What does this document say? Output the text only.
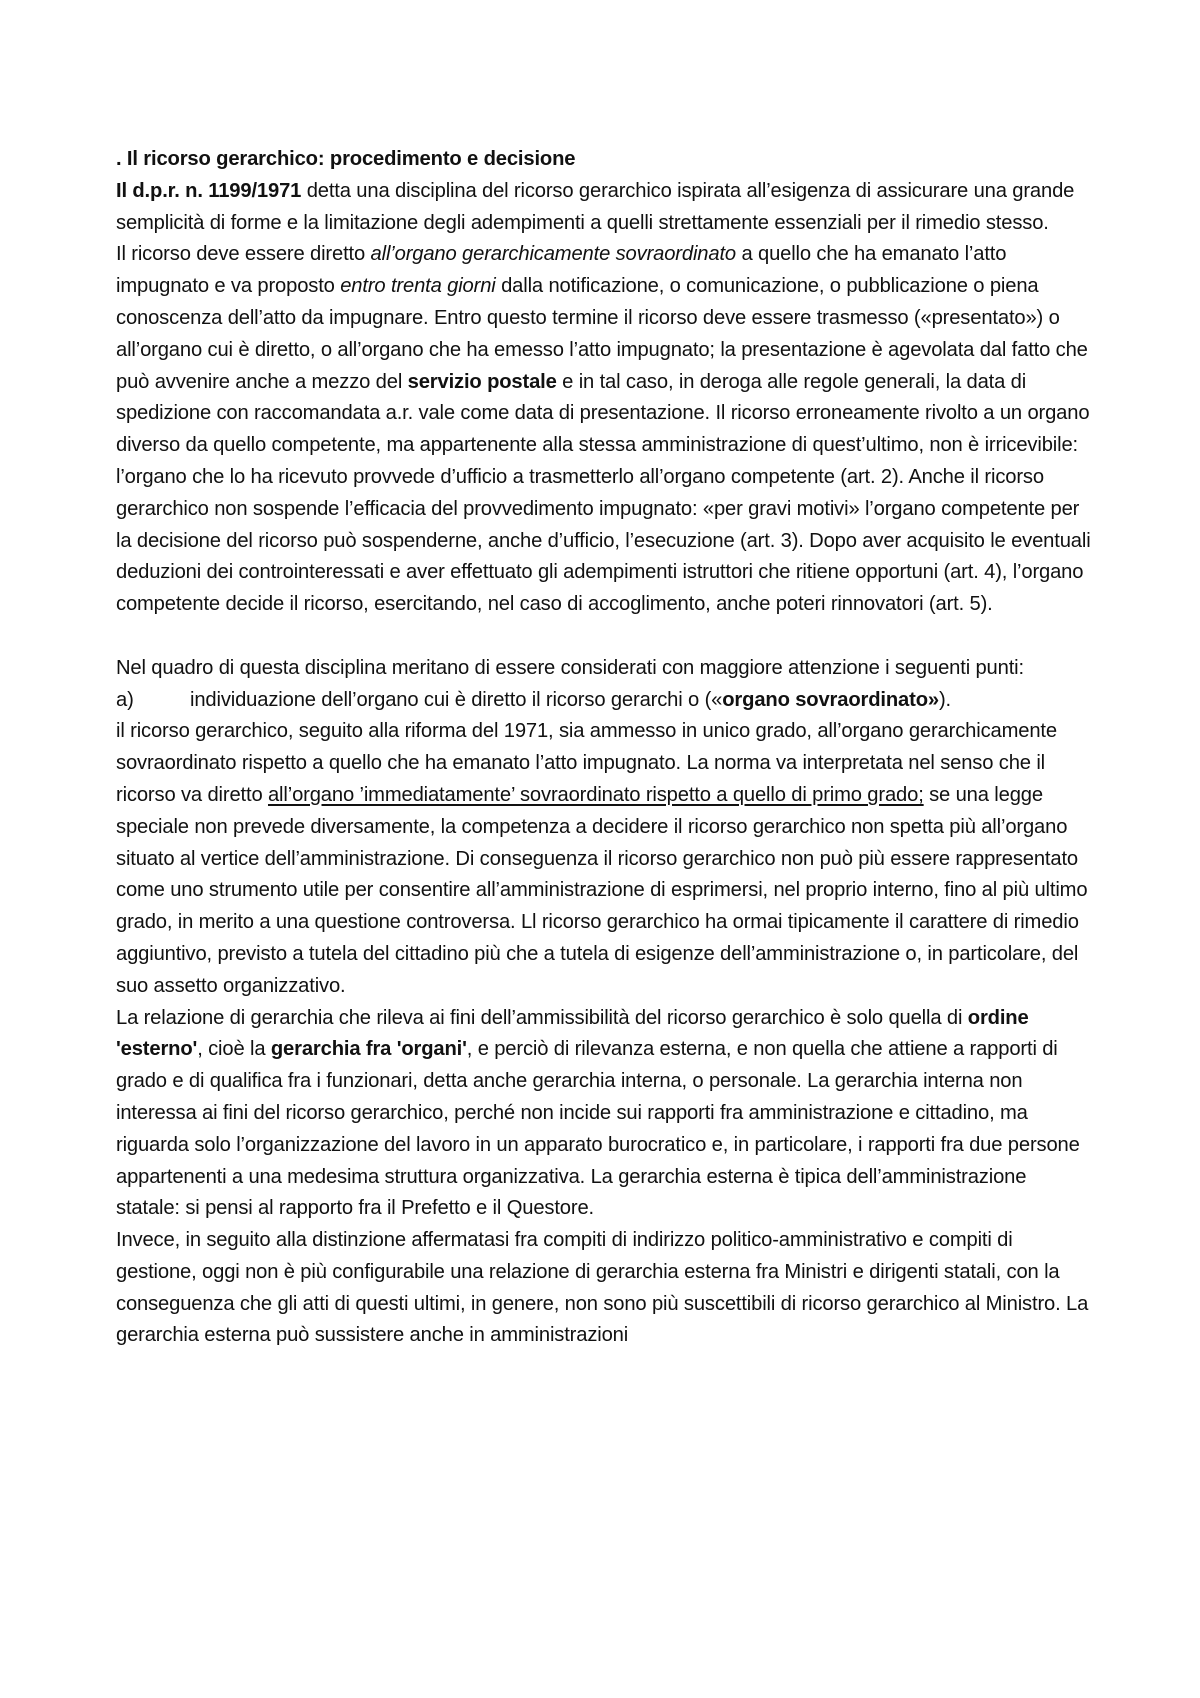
. Il ricorso gerarchico: procedimento e decisione

Il d.p.r. n. 1199/1971 detta una disciplina del ricorso gerarchico ispirata all’esigenza di assicurare una grande semplicità di forme e la limitazione degli adempimenti a quelli strettamente essenziali per il rimedio stesso.

Il ricorso deve essere diretto all’organo gerarchicamente sovraordinato a quello che ha emanato l’atto impugnato e va proposto entro trenta giorni dalla notificazione, o comunicazione, o pubblicazione o piena conoscenza dell’atto da impugnare. Entro questo termine il ricorso deve essere trasmesso («presentato») o all’organo cui è diretto, o all’organo che ha emesso l’atto impugnato; la presentazione è agevolata dal fatto che può avvenire anche a mezzo del servizio postale e in tal caso, in deroga alle regole generali, la data di spedizione con raccomandata a.r. vale come data di presentazione. Il ricorso erroneamente rivolto a un organo diverso da quello competente, ma appartenente alla stessa amministrazione di quest’ultimo, non è irricevibile: l’organo che lo ha ricevuto provvede d’ufficio a trasmetterlo all’organo competente (art. 2). Anche il ricorso gerarchico non sospende l’efficacia del provvedimento impugnato: «per gravi motivi» l’organo competente per la decisione del ricorso può sospenderne, anche d’ufficio, l’esecuzione (art. 3). Dopo aver acquisito le eventuali deduzioni dei controinteressati e aver effettuato gli adempimenti istruttori che ritiene opportuni (art. 4), l’organo competente decide il ricorso, esercitando, nel caso di accoglimento, anche poteri rinnovatori (art. 5).

Nel quadro di questa disciplina meritano di essere considerati con maggiore attenzione i seguenti punti:

a)	individuazione dell’organo cui è diretto il ricorso gerarchi o («organo sovraordinato»).

il ricorso gerarchico, seguito alla riforma del 1971, sia ammesso in unico grado, all’organo gerarchicamente sovraordinato rispetto a quello che ha emanato l’atto impugnato. La norma va interpretata nel senso che il ricorso va diretto all’organo ’immediatamente’ sovraordinato rispetto a quello di primo grado; se una legge speciale non prevede diversamente, la competenza a decidere il ricorso gerarchico non spetta più all’organo situato al vertice dell’amministrazione. Di conseguenza il ricorso gerarchico non può più essere rappresentato come uno strumento utile per consentire all’amministrazione di esprimersi, nel proprio interno, fino al più ultimo grado, in merito a una questione controversa. Ll ricorso gerarchico ha ormai tipicamente il carattere di rimedio aggiuntivo, previsto a tutela del cittadino più che a tutela di esigenze dell’amministrazione o, in particolare, del suo assetto organizzativo.

La relazione di gerarchia che rileva ai fini dell’ammissibilità del ricorso gerarchico è solo quella di ordine 'esterno', cioè la gerarchia fra 'organi', e perciò di rilevanza esterna, e non quella che attiene a rapporti di grado e di qualifica fra i funzionari, detta anche gerarchia interna, o personale. La gerarchia interna non interessa ai fini del ricorso gerarchico, perché non incide sui rapporti fra amministrazione e cittadino, ma riguarda solo l’organizzazione del lavoro in un apparato burocratico e, in particolare, i rapporti fra due persone appartenenti a una medesima struttura organizzativa. La gerarchia esterna è tipica dell’amministrazione statale: si pensi al rapporto fra il Prefetto e il Questore.

Invece, in seguito alla distinzione affermatasi fra compiti di indirizzo politico-amministrativo e compiti di gestione, oggi non è più configurabile una relazione di gerarchia esterna fra Ministri e dirigenti statali, con la conseguenza che gli atti di questi ultimi, in genere, non sono più suscettibili di ricorso gerarchico al Ministro. La gerarchia esterna può sussistere anche in amministrazioni
